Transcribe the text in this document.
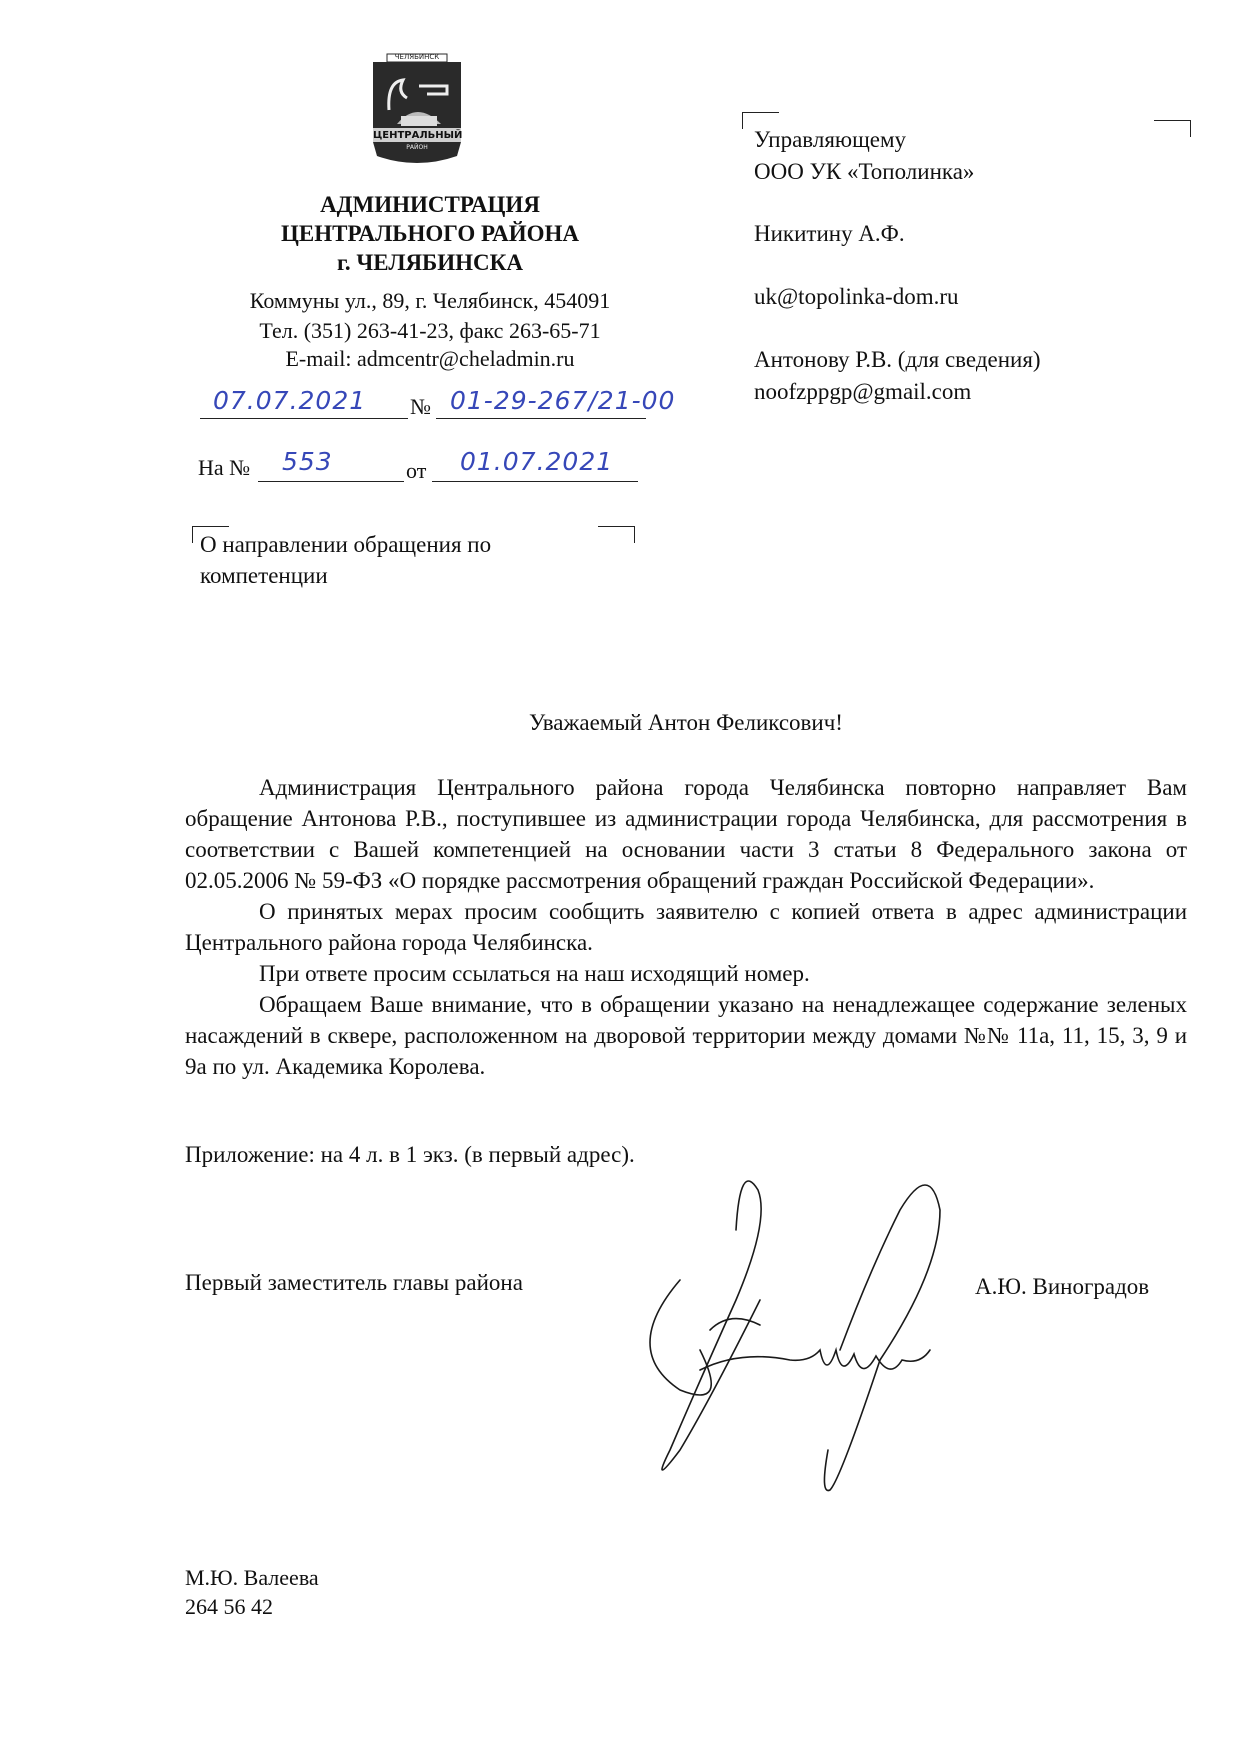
ЧЕЛЯБИНСК
ЦЕНТРАЛЬНЫЙ
РАЙОН
АДМИНИСТРАЦИЯ
ЦЕНТРАЛЬНОГО РАЙОНА
г. ЧЕЛЯБИНСКА
Коммуны ул., 89, г. Челябинск, 454091
Тел. (351) 263-41-23, факс 263-65-71
E-mail: admcentr@cheladmin.ru
07.07.2021 № 01-29-267/21-00
На № 553	от 01.07.2021
О направлении обращения по
компетенции
Управляющему
ООО УК «Тополинка»
Никитину А.Ф.
uk@topolinka-dom.ru
Антонову Р.В. (для сведения)
noofzppgp@gmail.com
Уважаемый Антон Феликсович!

Администрация Центрального района города Челябинска повторно направляет Вам обращение Антонова Р.В., поступившее из администрации города Челябинска, для рассмотрения в соответствии с Вашей компетенцией на основании части 3 статьи 8 Федерального закона от 02.05.2006 № 59-ФЗ «О порядке рассмотрения обращений граждан Российской Федерации».

О принятых мерах просим сообщить заявителю с копией ответа в адрес администрации Центрального района города Челябинска.

При ответе просим ссылаться на наш исходящий номер.

Обращаем Ваше внимание, что в обращении указано на ненадлежащее содержание зеленых насаждений в сквере, расположенном на дворовой территории между домами №№ 11а, 11, 15, 3, 9 и 9а по ул. Академика Королева.

Приложение: на 4 л. в 1 экз. (в первый адрес).
Первый заместитель главы района	А.Ю. Виноградов
М.Ю. Валеева
264 56 42
